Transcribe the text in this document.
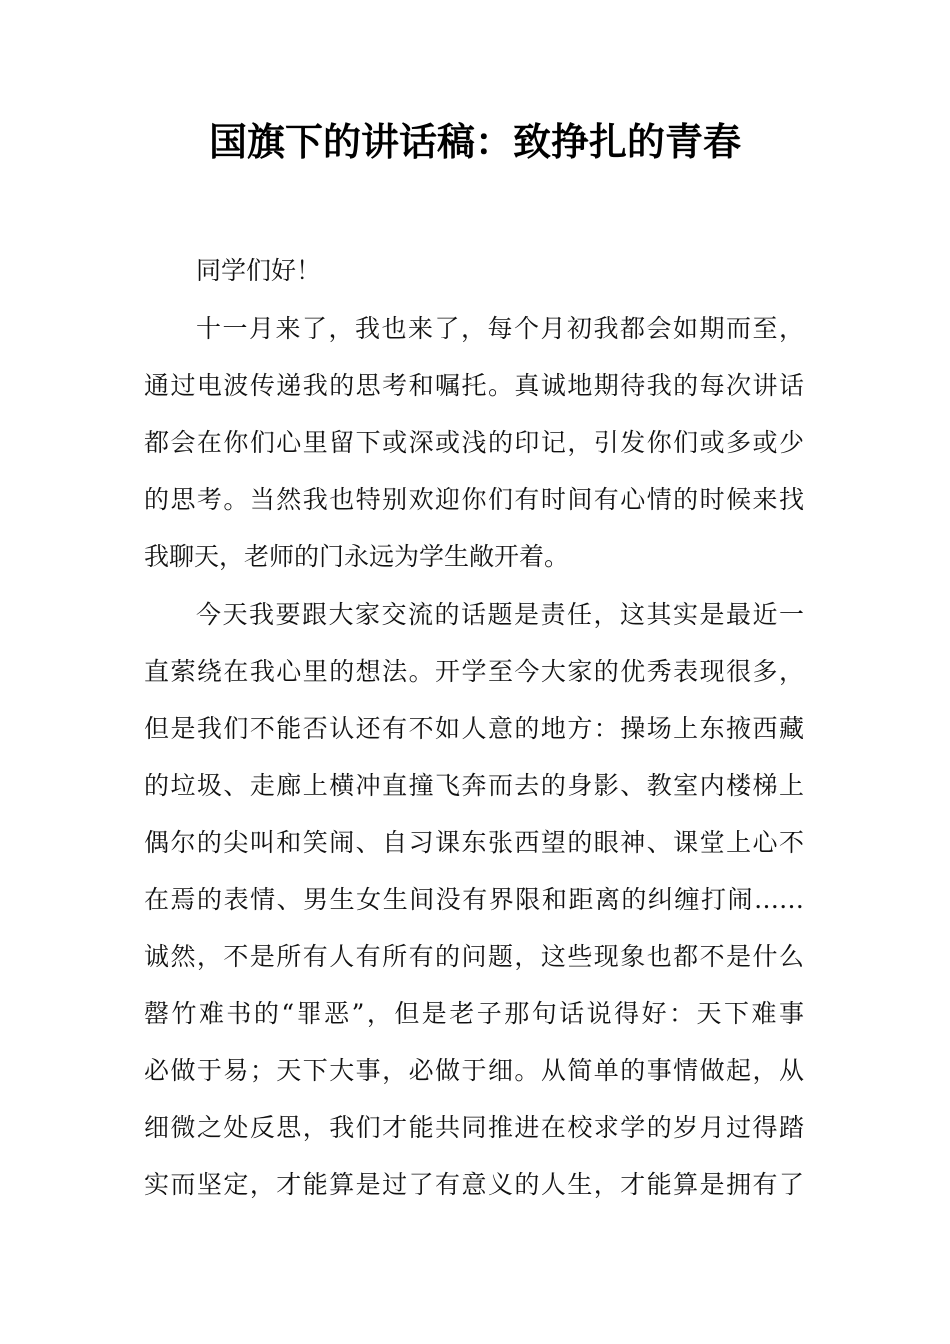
国旗下的讲话稿：致挣扎的青春
同学们好！
十一月来了，我也来了，每个月初我都会如期而至，
通过电波传递我的思考和嘱托。真诚地期待我的每次讲话
都会在你们心里留下或深或浅的印记，引发你们或多或少
的思考。当然我也特别欢迎你们有时间有心情的时候来找
我聊天，老师的门永远为学生敞开着。
今天我要跟大家交流的话题是责任，这其实是最近一
直萦绕在我心里的想法。开学至今大家的优秀表现很多，
但是我们不能否认还有不如人意的地方：操场上东掖西藏
的垃圾、走廊上横冲直撞飞奔而去的身影、教室内楼梯上
偶尔的尖叫和笑闹、自习课东张西望的眼神、课堂上心不
在焉的表情、男生女生间没有界限和距离的纠缠打闹……
诚然，不是所有人有所有的问题，这些现象也都不是什么
罄竹难书的“罪恶”，但是老子那句话说得好：天下难事
必做于易；天下大事，必做于细。从简单的事情做起，从
细微之处反思，我们才能共同推进在校求学的岁月过得踏
实而坚定，才能算是过了有意义的人生，才能算是拥有了
